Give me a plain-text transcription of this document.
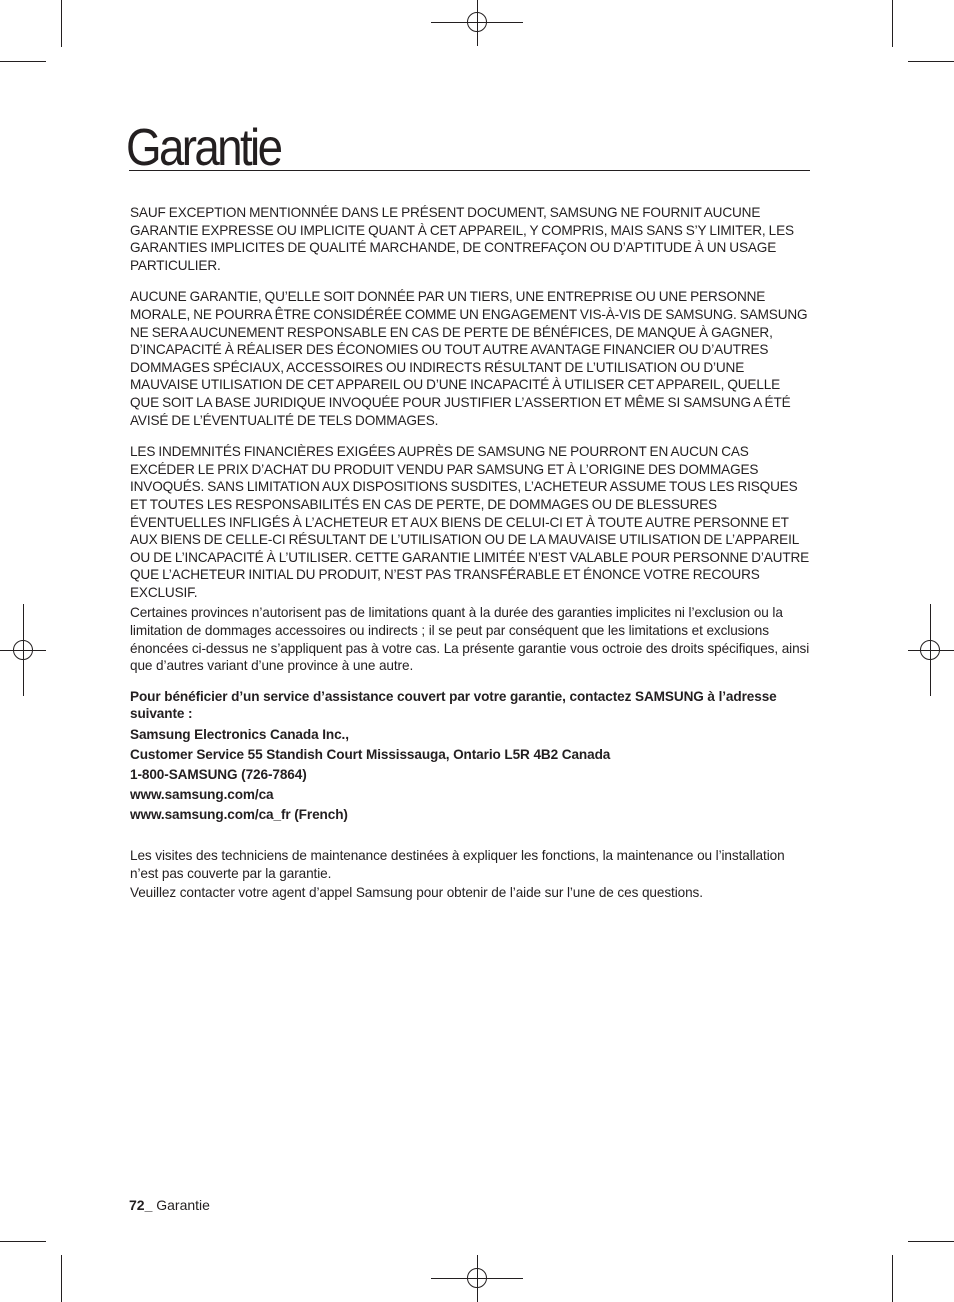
Garantie

SAUF EXCEPTION MENTIONNÉE DANS LE PRÉSENT DOCUMENT, SAMSUNG NE FOURNIT AUCUNE GARANTIE EXPRESSE OU IMPLICITE QUANT À CET APPAREIL, Y COMPRIS, MAIS SANS S’Y LIMITER, LES GARANTIES IMPLICITES DE QUALITÉ MARCHANDE, DE CONTREFAÇON OU D’APTITUDE À UN USAGE PARTICULIER.

AUCUNE GARANTIE, QU’ELLE SOIT DONNÉE PAR UN TIERS, UNE ENTREPRISE OU UNE PERSONNE MORALE, NE POURRA ÊTRE CONSIDÉRÉE COMME UN ENGAGEMENT VIS-À-VIS DE SAMSUNG. SAMSUNG NE SERA AUCUNEMENT RESPONSABLE EN CAS DE PERTE DE BÉNÉFICES, DE MANQUE À GAGNER, D’INCAPACITÉ À RÉALISER DES ÉCONOMIES OU TOUT AUTRE AVANTAGE FINANCIER OU D’AUTRES DOMMAGES SPÉCIAUX, ACCESSOIRES OU INDIRECTS RÉSULTANT DE L’UTILISATION OU D’UNE MAUVAISE UTILISATION DE CET APPAREIL OU D’UNE INCAPACITÉ À UTILISER CET APPAREIL, QUELLE QUE SOIT LA BASE JURIDIQUE INVOQUÉE POUR JUSTIFIER L’ASSERTION ET MÊME SI SAMSUNG A ÉTÉ AVISÉ DE L’ÉVENTUALITÉ DE TELS DOMMAGES.

LES INDEMNITÉS FINANCIÈRES EXIGÉES AUPRÈS DE SAMSUNG NE POURRONT EN AUCUN CAS EXCÉDER LE PRIX D’ACHAT DU PRODUIT VENDU PAR SAMSUNG ET À L’ORIGINE DES DOMMAGES INVOQUÉS. SANS LIMITATION AUX DISPOSITIONS SUSDITES, L’ACHETEUR ASSUME TOUS LES RISQUES ET TOUTES LES RESPONSABILITÉS EN CAS DE PERTE, DE DOMMAGES OU DE BLESSURES ÉVENTUELLES INFLIGÉS À L’ACHETEUR ET AUX BIENS DE CELUI-CI ET À TOUTE AUTRE PERSONNE ET AUX BIENS DE CELLE-CI RÉSULTANT DE L’UTILISATION OU DE LA MAUVAISE UTILISATION DE L’APPAREIL OU DE L’INCAPACITÉ À L’UTILISER. CETTE GARANTIE LIMITÉE N’EST VALABLE POUR PERSONNE D’AUTRE QUE L’ACHETEUR INITIAL DU PRODUIT, N’EST PAS TRANSFÉRABLE ET ÉNONCE VOTRE RECOURS EXCLUSIF.

Certaines provinces n’autorisent pas de limitations quant à la durée des garanties implicites ni l’exclusion ou la limitation de dommages accessoires ou indirects ; il se peut par conséquent que les limitations et exclusions énoncées ci-dessus ne s’appliquent pas à votre cas. La présente garantie vous octroie des droits spécifiques, ainsi que d’autres variant d’une province à une autre.

Pour bénéficier d’un service d’assistance couvert par votre garantie, contactez SAMSUNG à l’adresse suivante :
Samsung Electronics Canada Inc.,
Customer Service 55 Standish Court Mississauga, Ontario L5R 4B2 Canada
1-800-SAMSUNG (726-7864)
www.samsung.com/ca
www.samsung.com/ca_fr (French)

Les visites des techniciens de maintenance destinées à expliquer les fonctions, la maintenance ou l’installation n’est pas couverte par la garantie.

Veuillez contacter votre agent d’appel Samsung pour obtenir de l’aide sur l’une de ces questions.

72_ Garantie
